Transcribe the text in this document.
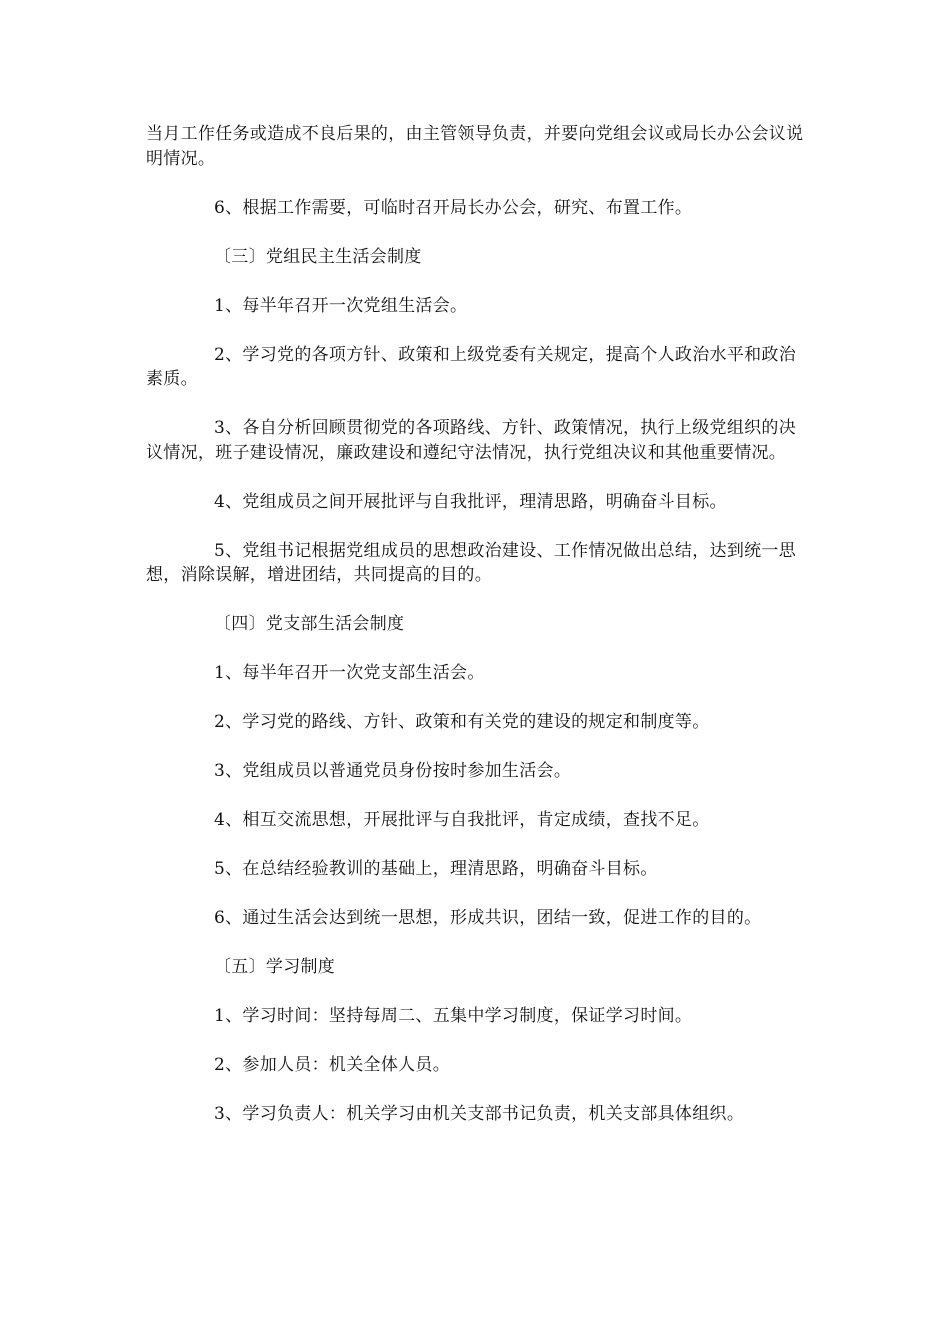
当月工作任务或造成不良后果的，由主管领导负责，并要向党组会议或局长办公会议说明情况。

6、根据工作需要，可临时召开局长办公会，研究、布置工作。

〔三〕党组民主生活会制度

1、每半年召开一次党组生活会。

2、学习党的各项方针、政策和上级党委有关规定，提高个人政治水平和政治素质。

3、各自分析回顾贯彻党的各项路线、方针、政策情况，执行上级党组织的决议情况，班子建设情况，廉政建设和遵纪守法情况，执行党组决议和其他重要情况。

4、党组成员之间开展批评与自我批评，理清思路，明确奋斗目标。

5、党组书记根据党组成员的思想政治建设、工作情况做出总结，达到统一思想，消除误解，增进团结，共同提高的目的。

〔四〕党支部生活会制度

1、每半年召开一次党支部生活会。

2、学习党的路线、方针、政策和有关党的建设的规定和制度等。

3、党组成员以普通党员身份按时参加生活会。

4、相互交流思想，开展批评与自我批评，肯定成绩，查找不足。

5、在总结经验教训的基础上，理清思路，明确奋斗目标。

6、通过生活会达到统一思想，形成共识，团结一致，促进工作的目的。

〔五〕学习制度

1、学习时间：坚持每周二、五集中学习制度，保证学习时间。

2、参加人员：机关全体人员。

3、学习负责人：机关学习由机关支部书记负责，机关支部具体组织。
